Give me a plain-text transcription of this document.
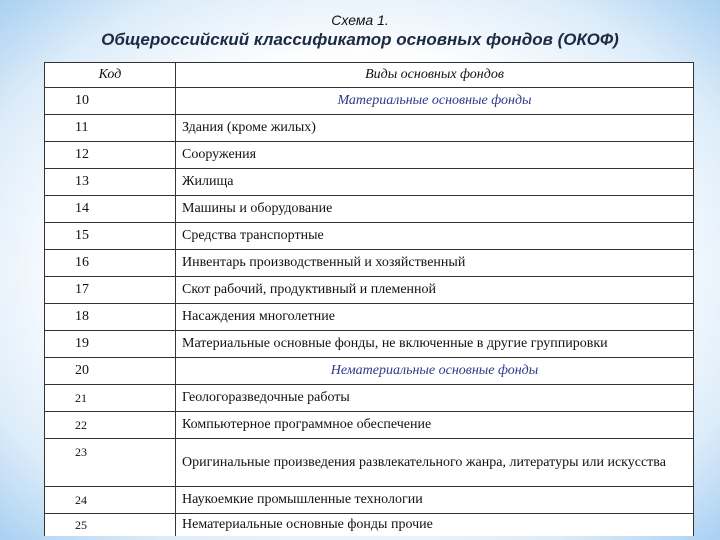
Схема 1.
Общероссийский классификатор основных фондов (ОКОФ)
Код	Виды основных фондов
10	Материальные основные фонды
11	Здания (кроме жилых)
12	Сооружения
13	Жилища
14	Машины и оборудование
15	Средства транспортные
16	Инвентарь производственный и хозяйственный
17	Скот рабочий, продуктивный и племенной
18	Насаждения многолетние
19	Материальные основные фонды, не включенные в другие группировки
20	Нематериальные основные фонды
21	Геологоразведочные работы
22	Компьютерное программное обеспечение
23	Оригинальные произведения развлекательного жанра, литературы или искусства
24	Наукоемкие промышленные технологии
25	Нематериальные основные фонды прочие
